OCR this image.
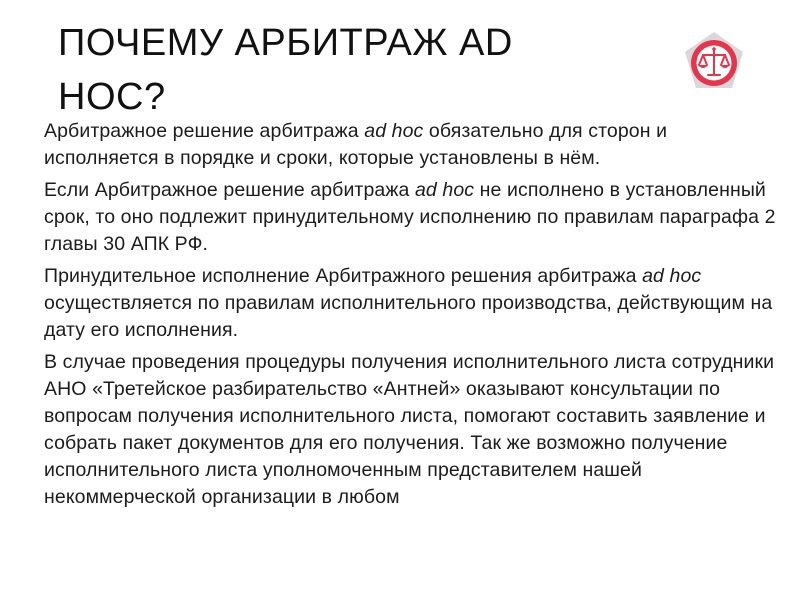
ПОЧЕМУ АРБИТРАЖ AD
HOC?

Арбитражное решение арбитража ad hoc обязательно для сторон и исполняется в порядке и сроки, которые установлены в нём.

Если Арбитражное решение арбитража ad hoc не исполнено в установленный срок, то оно подлежит принудительному исполнению по правилам параграфа 2 главы 30 АПК РФ.

Принудительное исполнение Арбитражного решения арбитража ad hoc осуществляется по правилам исполнительного производства, действующим на дату его исполнения.

В случае проведения процедуры получения исполнительного листа сотрудники АНО «Третейское разбирательство «Антней» оказывают консультации по вопросам получения исполнительного листа, помогают составить заявление и собрать пакет документов для его получения. Так же возможно получение исполнительного листа уполномоченным представителем нашей некоммерческой организации в любом
